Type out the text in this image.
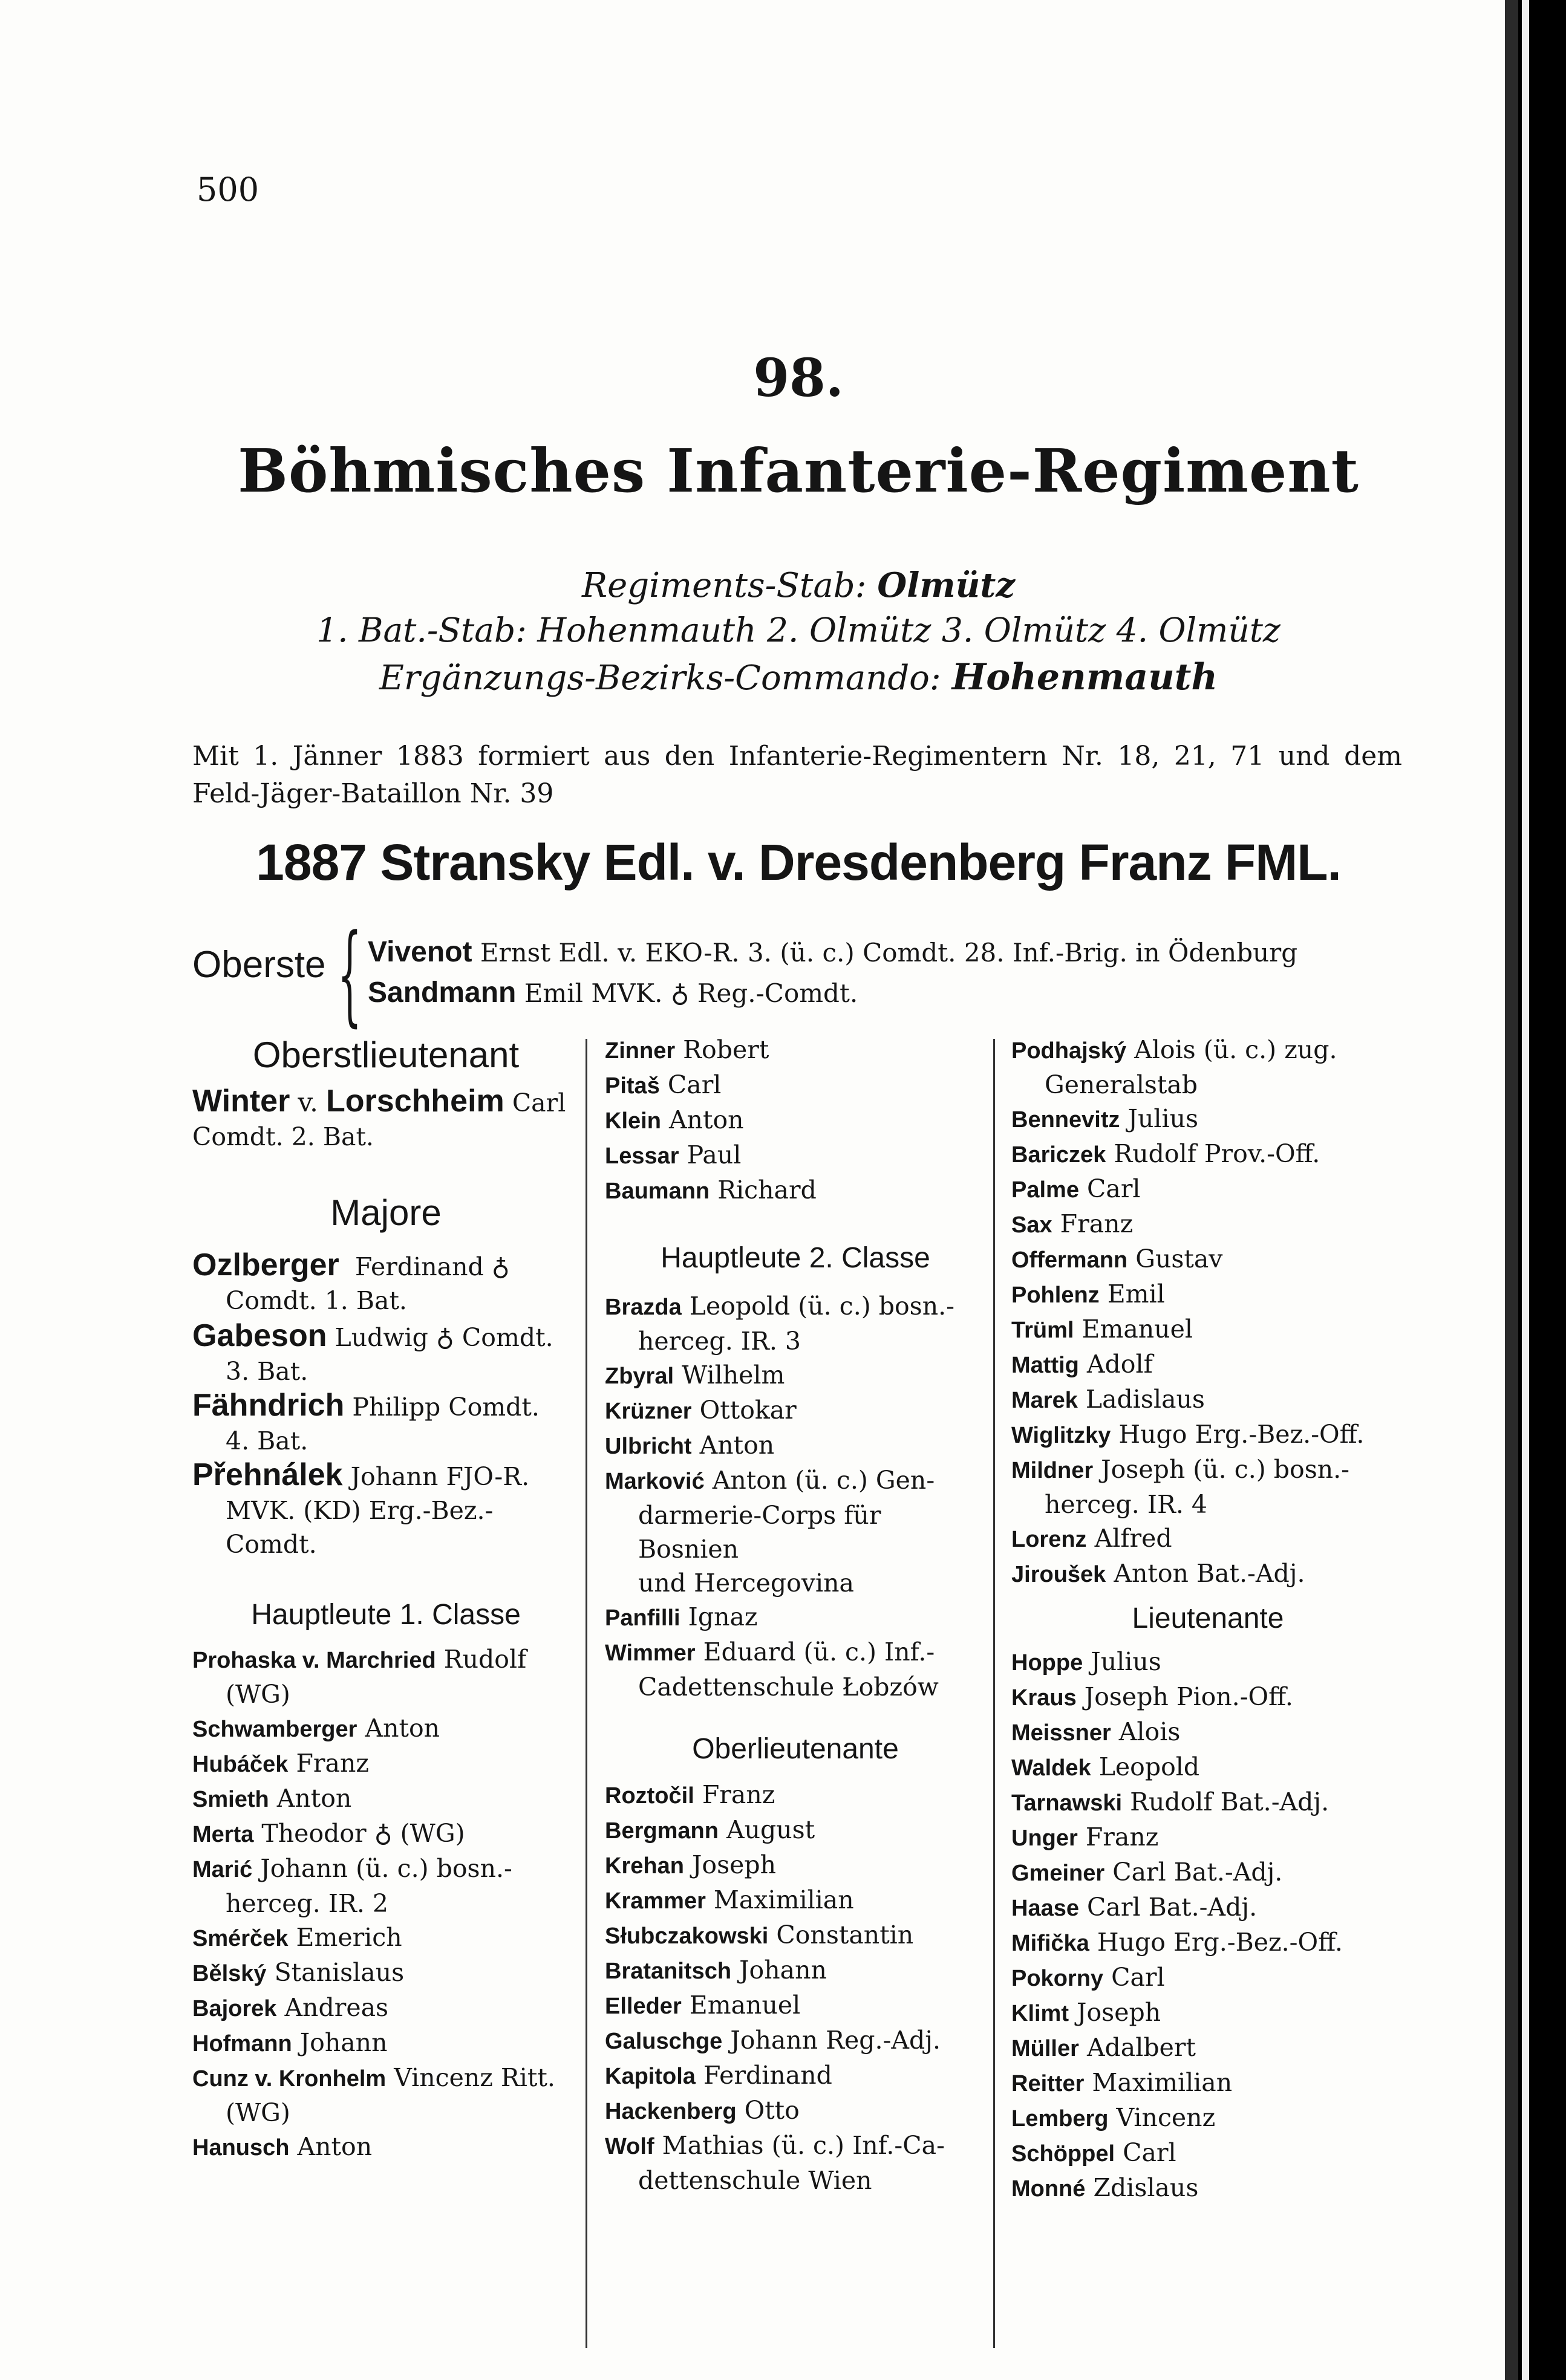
500
98.
Böhmisches Infanterie-Regiment
Regiments-Stab: Olmütz
1. Bat.-Stab: Hohenmauth 2. Olmütz 3. Olmütz 4. Olmütz
Ergänzungs-Bezirks-Commando: Hohenmauth
Mit 1. Jänner 1883 formiert aus den Infanterie-Regimentern Nr. 18, 21, 71 und dem Feld-Jäger-Bataillon Nr. 39
1887 Stransky Edl. v. Dresdenberg Franz FML.
Oberste { Vivenot Ernst Edl. v. EKO-R. 3. (ü. c.) Comdt. 28. Inf.-Brig. in Ödenburg
Sandmann Emil MVK. ♁ Reg.-Comdt.
Oberstlieutenant
Winter v. Lorschheim Carl
Comdt. 2. Bat.
Majore
Ozlberger Ferdinand ♁
Comdt. 1. Bat.
Gabeson Ludwig ♁ Comdt.
3. Bat.
Fähndrich Philipp Comdt.
4. Bat.
Přehnálek Johann FJO-R.
MVK. (KD) Erg.-Bez.-Comdt.
Hauptleute 1. Classe
Prohaska v. Marchried Rudolf
(WG)
Schwamberger Anton
Hubáček Franz
Smieth Anton
Merta Theodor ♁ (WG)
Marić Johann (ü. c.) bosn.-
herceg. IR. 2
Smérček Emerich
Bělský Stanislaus
Bajorek Andreas
Hofmann Johann
Cunz v. Kronhelm Vincenz Ritt.
(WG)
Hanusch Anton
Zinner Robert
Pitaš Carl
Klein Anton
Lessar Paul
Baumann Richard
Hauptleute 2. Classe
Brazda Leopold (ü. c.) bosn.-
herceg. IR. 3
Zbyral Wilhelm
Krüzner Ottokar
Ulbricht Anton
Marković Anton (ü. c.) Gen-
darmerie-Corps für Bosnien
und Hercegovina
Panfilli Ignaz
Wimmer Eduard (ü. c.) Inf.-
Cadettenschule Łobzów
Oberlieutenante
Roztočil Franz
Bergmann August
Krehan Joseph
Krammer Maximilian
Słubczakowski Constantin
Bratanitsch Johann
Elleder Emanuel
Galuschge Johann Reg.-Adj.
Kapitola Ferdinand
Hackenberg Otto
Wolf Mathias (ü. c.) Inf.-Ca-
dettenschule Wien
Podhajský Alois (ü. c.) zug.
Generalstab
Bennevitz Julius
Bariczek Rudolf Prov.-Off.
Palme Carl
Sax Franz
Offermann Gustav
Pohlenz Emil
Trüml Emanuel
Mattig Adolf
Marek Ladislaus
Wiglitzky Hugo Erg.-Bez.-Off.
Mildner Joseph (ü. c.) bosn.-
herceg. IR. 4
Lorenz Alfred
Jiroušek Anton Bat.-Adj.
Lieutenante
Hoppe Julius
Kraus Joseph Pion.-Off.
Meissner Alois
Waldek Leopold
Tarnawski Rudolf Bat.-Adj.
Unger Franz
Gmeiner Carl Bat.-Adj.
Haase Carl Bat.-Adj.
Mifička Hugo Erg.-Bez.-Off.
Pokorny Carl
Klimt Joseph
Müller Adalbert
Reitter Maximilian
Lemberg Vincenz
Schöppel Carl
Monné Zdislaus
